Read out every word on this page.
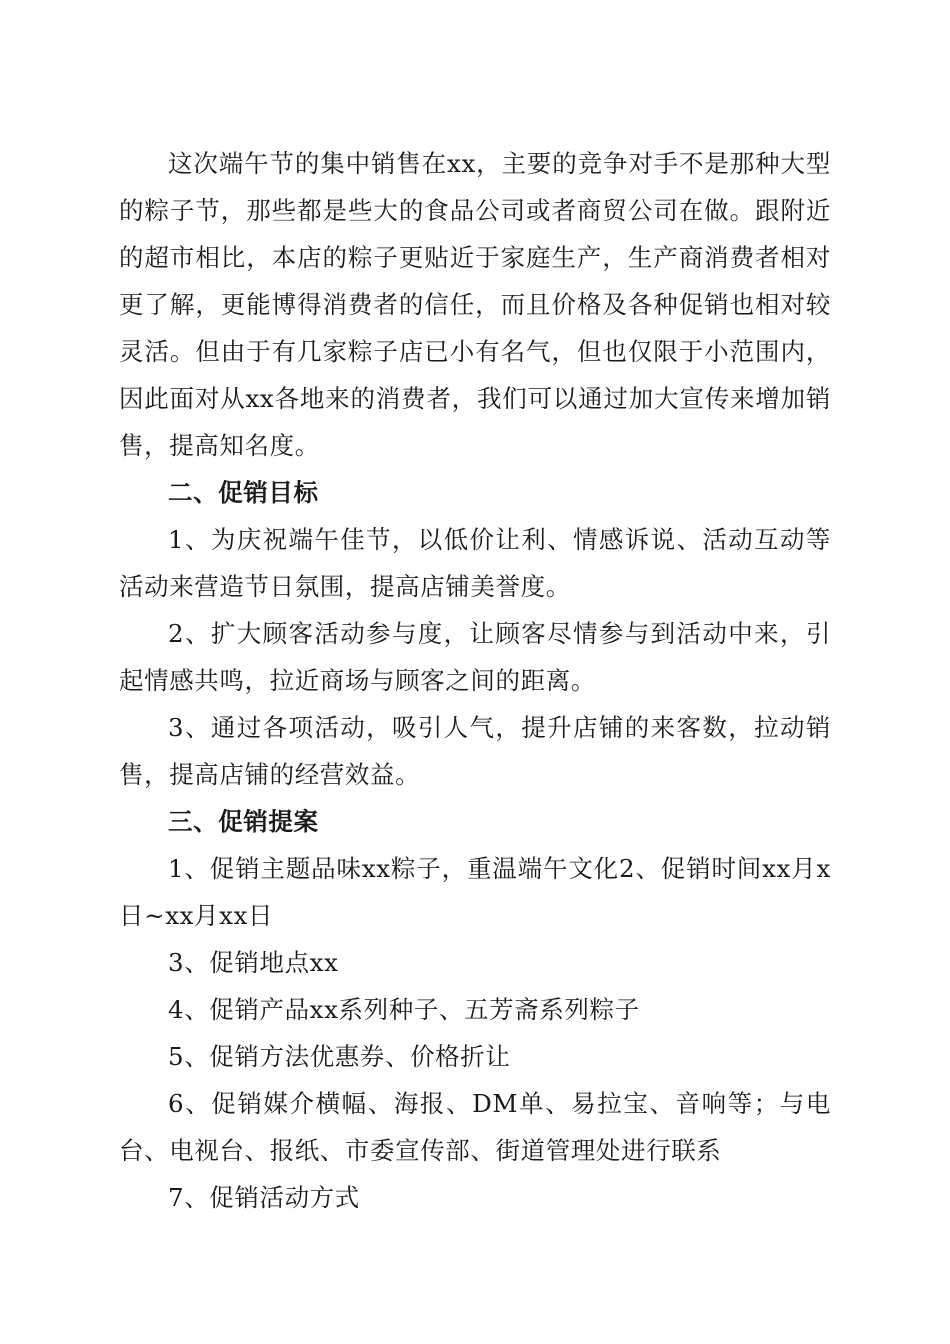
这次端午节的集中销售在xx，主要的竞争对手不是那种大型的粽子节，那些都是些大的食品公司或者商贸公司在做。跟附近的超市相比，本店的粽子更贴近于家庭生产，生产商消费者相对更了解，更能博得消费者的信任，而且价格及各种促销也相对较灵活。但由于有几家粽子店已小有名气，但也仅限于小范围内，因此面对从xx各地来的消费者，我们可以通过加大宣传来增加销售，提高知名度。

二、促销目标

1、为庆祝端午佳节，以低价让利、情感诉说、活动互动等活动来营造节日氛围，提高店铺美誉度。

2、扩大顾客活动参与度，让顾客尽情参与到活动中来，引起情感共鸣，拉近商场与顾客之间的距离。

3、通过各项活动，吸引人气，提升店铺的来客数，拉动销售，提高店铺的经营效益。

三、促销提案

1、促销主题品味xx粽子，重温端午文化2、促销时间xx月x日~xx月xx日

3、促销地点xx

4、促销产品xx系列种子、五芳斋系列粽子

5、促销方法优惠券、价格折让

6、促销媒介横幅、海报、DM单、易拉宝、音响等；与电台、电视台、报纸、市委宣传部、街道管理处进行联系

7、促销活动方式
